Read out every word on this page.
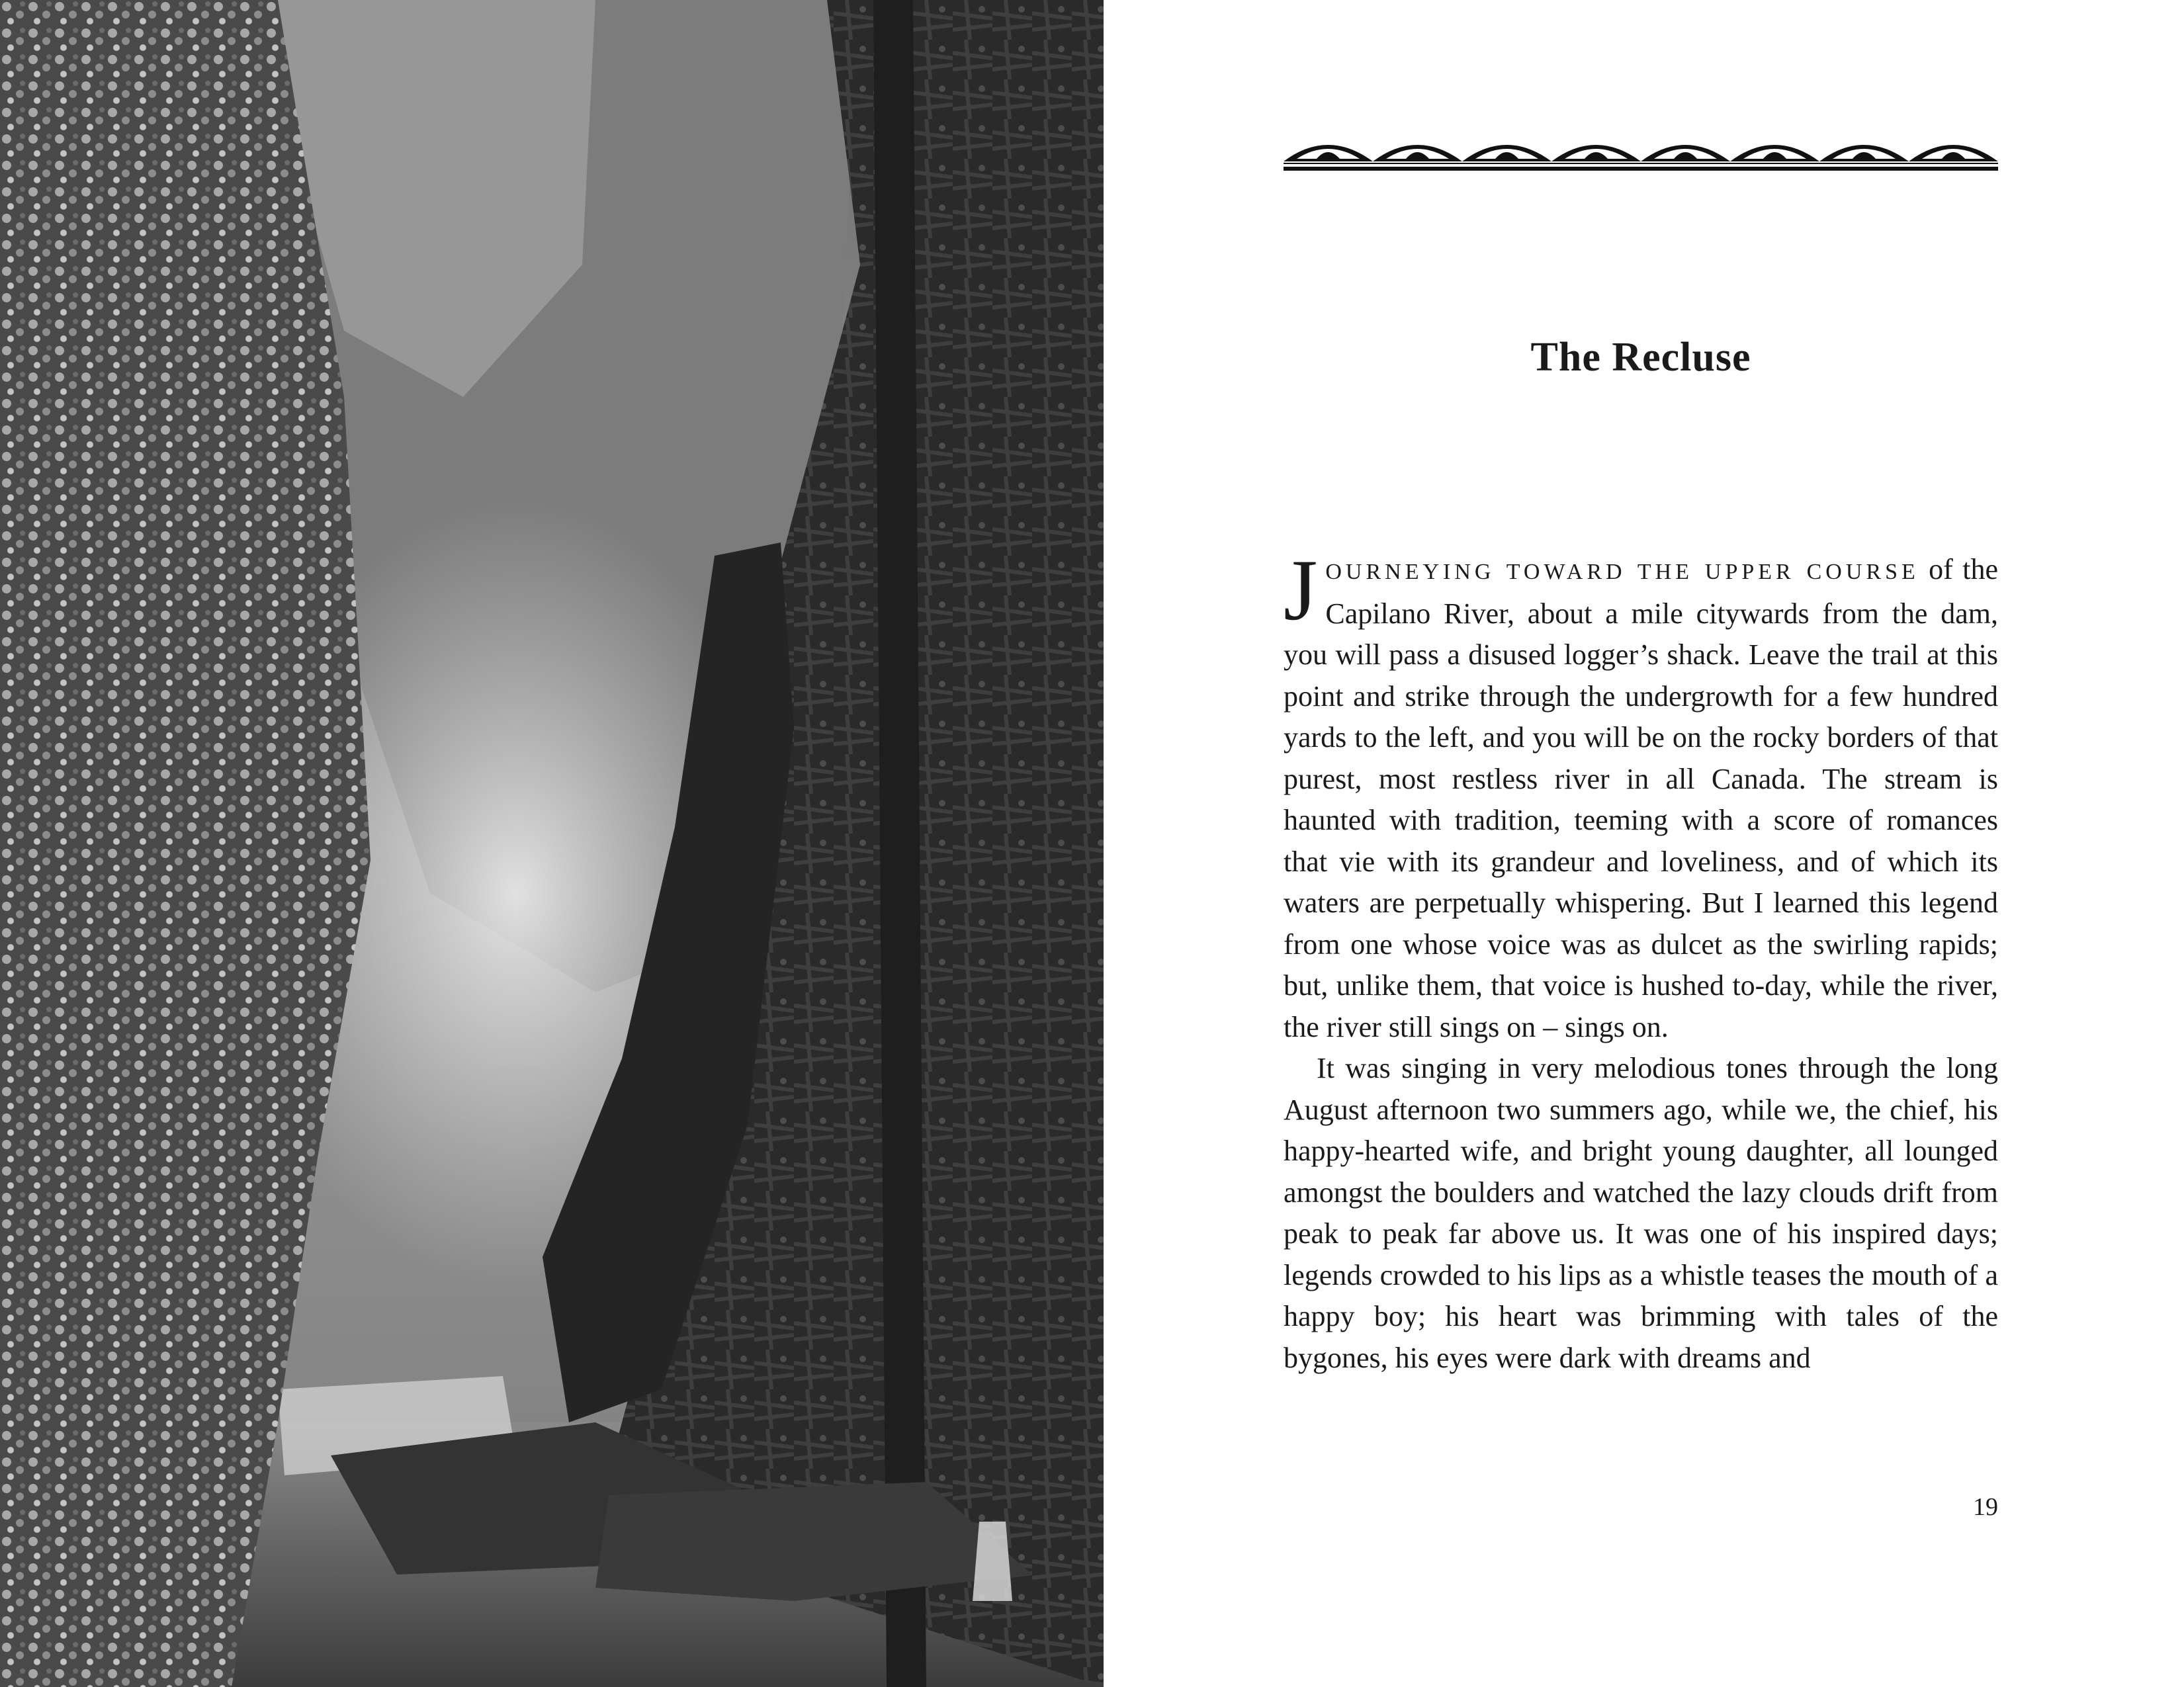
The Recluse

JOURNEYING TOWARD THE UPPER COURSE of the Capilano River, about a mile citywards from the dam, you will pass a disused logger’s shack. Leave the trail at this point and strike through the undergrowth for a few hundred yards to the left, and you will be on the rocky borders of that purest, most restless river in all Canada. The stream is haunted with tradition, teeming with a score of romances that vie with its grandeur and loveliness, and of which its waters are perpetually whispering. But I learned this legend from one whose voice was as dulcet as the swirling rapids; but, unlike them, that voice is hushed to-day, while the river, the river still sings on – sings on.

It was singing in very melodious tones through the long August afternoon two summers ago, while we, the chief, his happy-hearted wife, and bright young daughter, all lounged amongst the boulders and watched the lazy clouds drift from peak to peak far above us. It was one of his inspired days; legends crowded to his lips as a whistle teases the mouth of a happy boy; his heart was brimming with tales of the bygones, his eyes were dark with dreams and

19
